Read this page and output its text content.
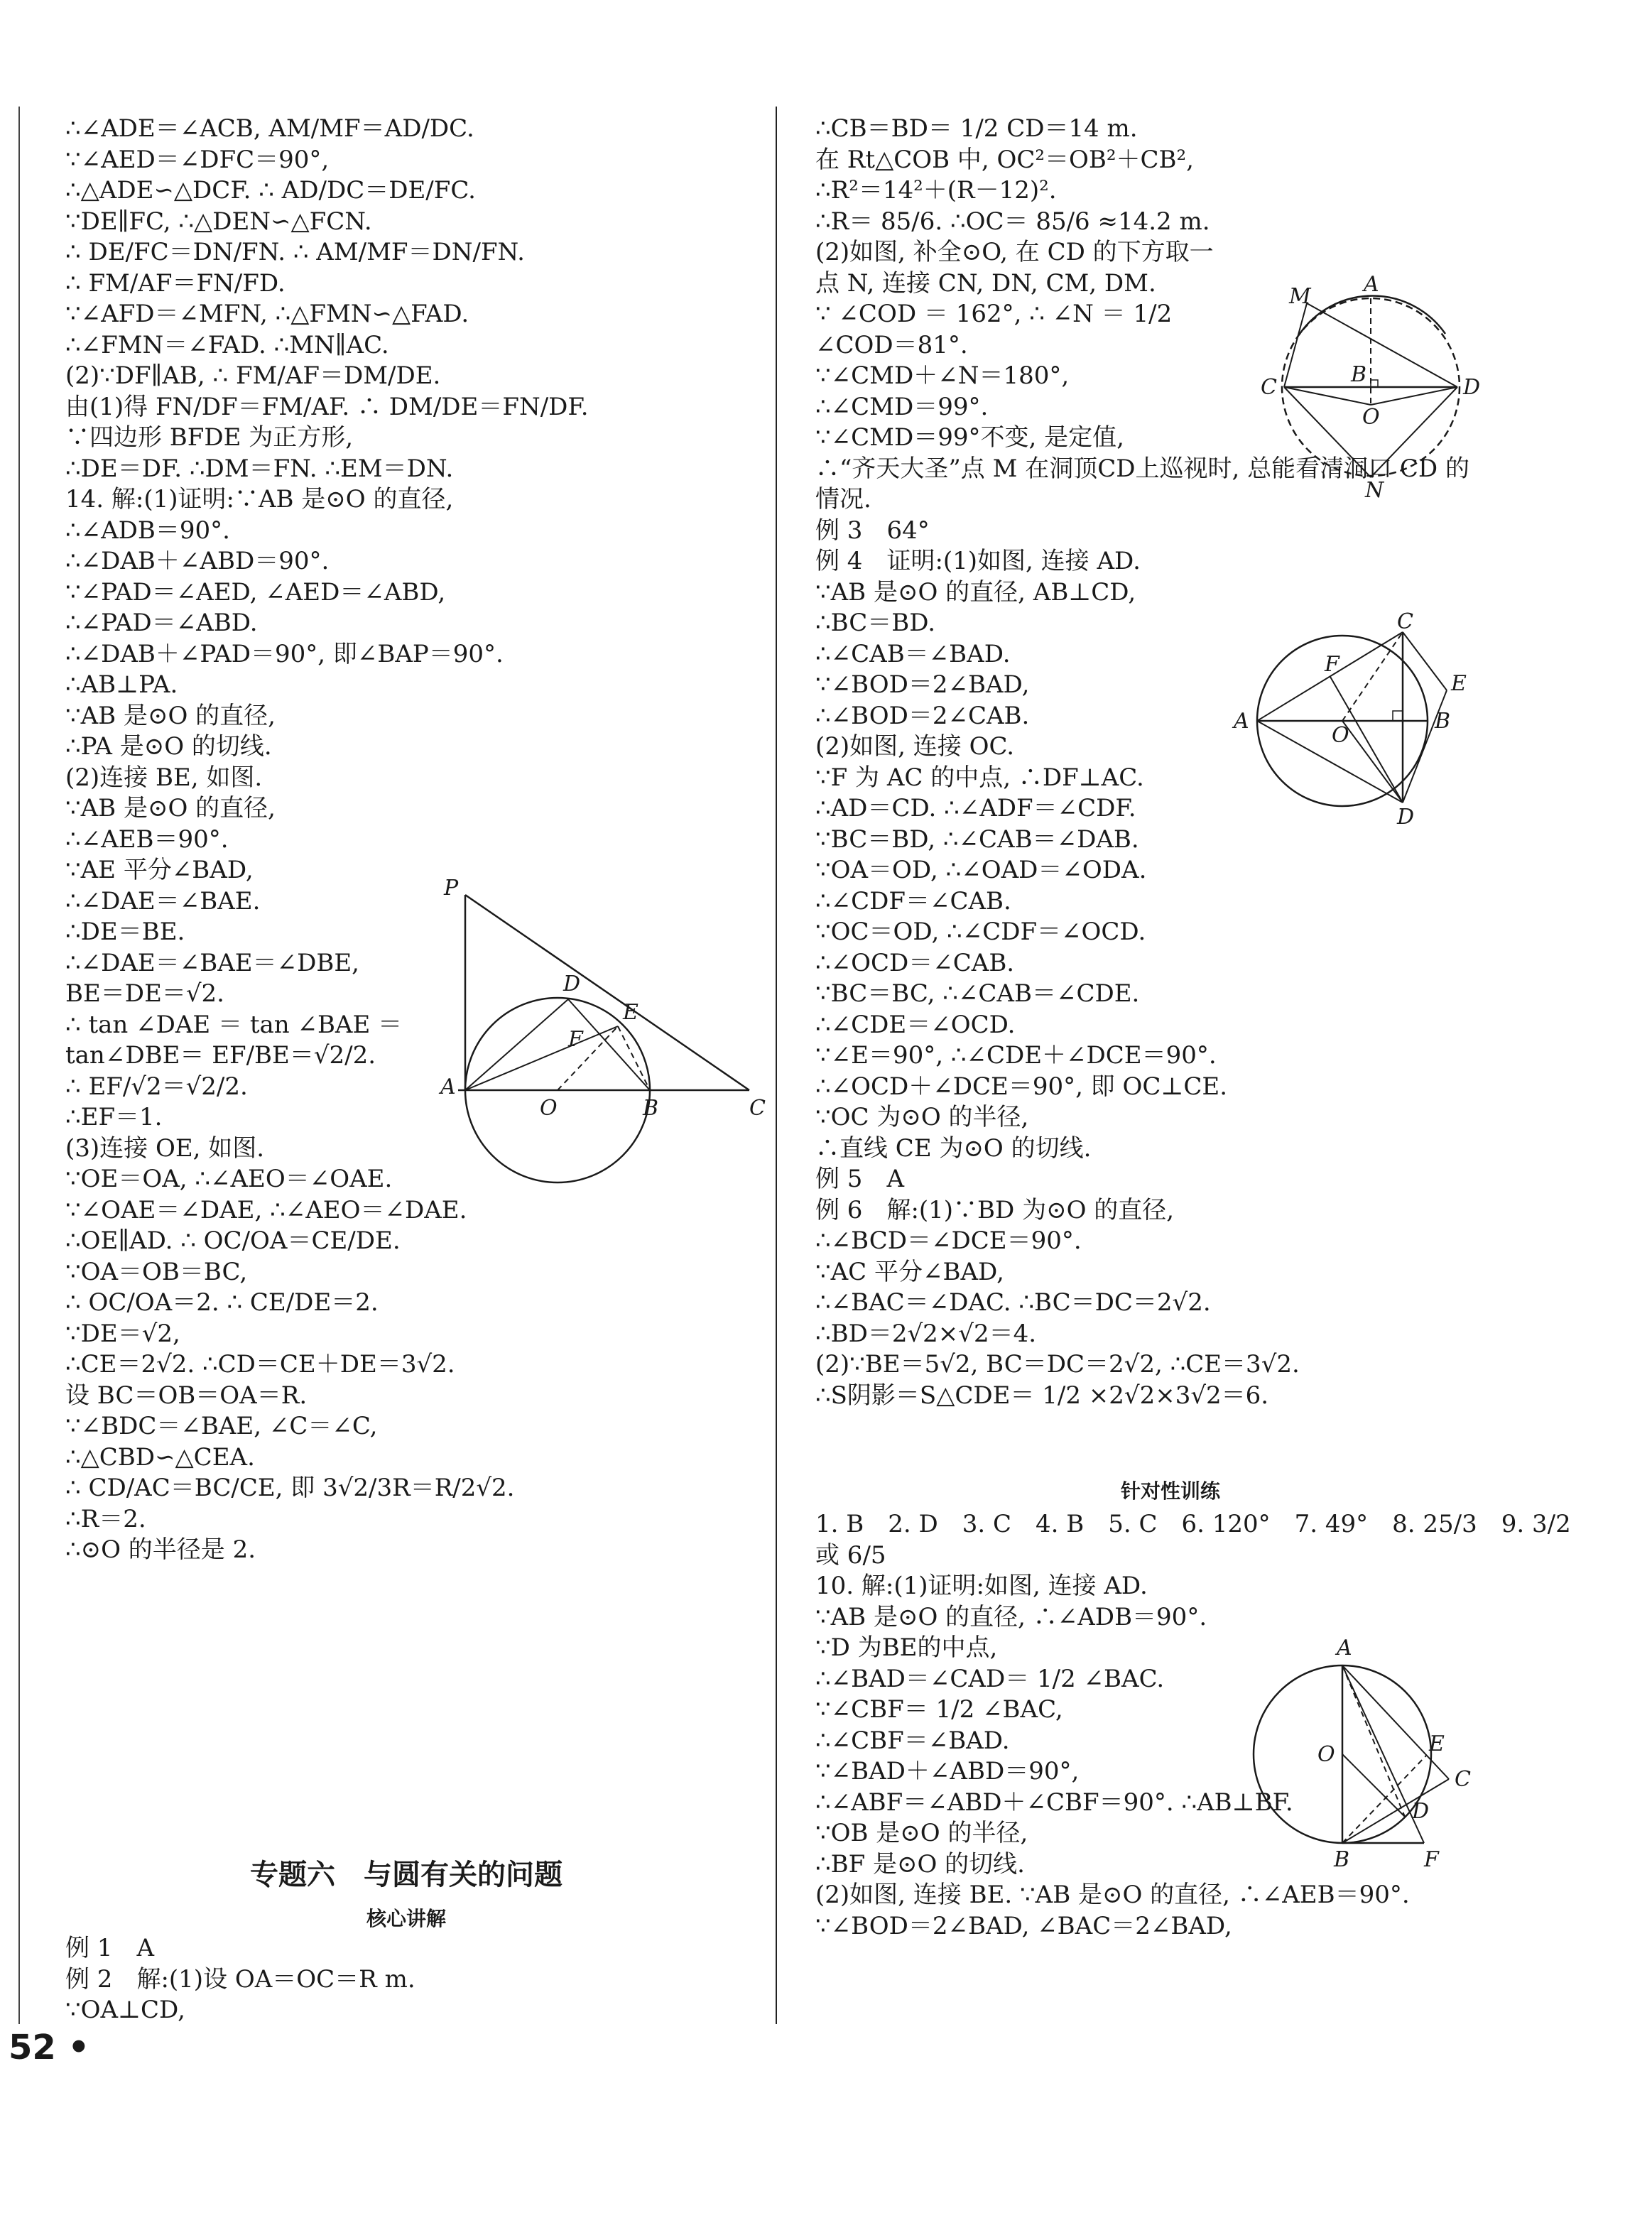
∴∠ADE＝∠ACB, AM/MF＝AD/DC.
∵∠AED＝∠DFC＝90°,
∴△ADE∽△DCF. ∴ AD/DC＝DE/FC.
∵DE∥FC, ∴△DEN∽△FCN.
∴ DE/FC＝DN/FN. ∴ AM/MF＝DN/FN.
∴ FM/AF＝FN/FD.
∵∠AFD＝∠MFN, ∴△FMN∽△FAD.
∴∠FMN＝∠FAD. ∴MN∥AC.
(2)∵DF∥AB, ∴ FM/AF＝DM/DE.
由(1)得 FN/DF＝FM/AF. ∴ DM/DE＝FN/DF.
∵四边形 BFDE 为正方形,
∴DE＝DF. ∴DM＝FN. ∴EM＝DN.
14. 解:(1)证明:∵AB 是⊙O 的直径,
∴∠ADB＝90°.
∴∠DAB＋∠ABD＝90°.
∵∠PAD＝∠AED, ∠AED＝∠ABD,
∴∠PAD＝∠ABD.
∴∠DAB＋∠PAD＝90°, 即∠BAP＝90°.
∴AB⊥PA.
∵AB 是⊙O 的直径,
∴PA 是⊙O 的切线.
(2)连接 BE, 如图.
∵AB 是⊙O 的直径,
∴∠AEB＝90°.
∵AE 平分∠BAD,
∴∠DAE＝∠BAE.
∴DE＝BE.
∴∠DAE＝∠BAE＝∠DBE,
BE＝DE＝√2.
∴ tan ∠DAE ＝ tan ∠BAE ＝
tan∠DBE＝ EF/BE＝√2/2.
∴ EF/√2＝√2/2.
∴EF＝1.
(3)连接 OE, 如图.
∵OE＝OA, ∴∠AEO＝∠OAE.
∵∠OAE＝∠DAE, ∴∠AEO＝∠DAE.
∴OE∥AD. ∴ OC/OA＝CE/DE.
∵OA＝OB＝BC,
∴ OC/OA＝2. ∴ CE/DE＝2.
∵DE＝√2,
∴CE＝2√2. ∴CD＝CE＋DE＝3√2.
设 BC＝OB＝OA＝R.
∵∠BDC＝∠BAE, ∠C＝∠C,
∴△CBD∽△CEA.
∴ CD/AC＝BC/CE, 即 3√2/3R＝R/2√2.
∴R＝2.
∴⊙O 的半径是 2.
专题六　与圆有关的问题
核心讲解
例 1　A
例 2　解:(1)设 OA＝OC＝R m.
∵OA⊥CD,
∴CB＝BD＝ 1/2 CD＝14 m.
在 Rt△COB 中, OC²＝OB²＋CB²,
∴R²＝14²＋(R－12)².
∴R＝ 85/6. ∴OC＝ 85/6 ≈14.2 m.
(2)如图, 补全⊙O, 在 CD 的下方取一
点 N, 连接 CN, DN, CM, DM.
∵ ∠COD ＝ 162°, ∴ ∠N ＝ 1/2
∠COD＝81°.
∵∠CMD＋∠N＝180°,
∴∠CMD＝99°.
∵∠CMD＝99°不变, 是定值,
∴“齐天大圣”点 M 在洞顶CD上巡视时, 总能看清洞口 CD 的
情况.
例 3　64°
例 4　证明:(1)如图, 连接 AD.
∵AB 是⊙O 的直径, AB⊥CD,
∴BC＝BD.
∴∠CAB＝∠BAD.
∵∠BOD＝2∠BAD,
∴∠BOD＝2∠CAB.
(2)如图, 连接 OC.
∵F 为 AC 的中点, ∴DF⊥AC.
∴AD＝CD. ∴∠ADF＝∠CDF.
∵BC＝BD, ∴∠CAB＝∠DAB.
∵OA＝OD, ∴∠OAD＝∠ODA.
∴∠CDF＝∠CAB.
∵OC＝OD, ∴∠CDF＝∠OCD.
∴∠OCD＝∠CAB.
∵BC＝BC, ∴∠CAB＝∠CDE.
∴∠CDE＝∠OCD.
∵∠E＝90°, ∴∠CDE＋∠DCE＝90°.
∴∠OCD＋∠DCE＝90°, 即 OC⊥CE.
∵OC 为⊙O 的半径,
∴直线 CE 为⊙O 的切线.
例 5　A
例 6　解:(1)∵BD 为⊙O 的直径,
∴∠BCD＝∠DCE＝90°.
∵AC 平分∠BAD,
∴∠BAC＝∠DAC. ∴BC＝DC＝2√2.
∴BD＝2√2×√2＝4.
(2)∵BE＝5√2, BC＝DC＝2√2, ∴CE＝3√2.
∴S阴影＝S△CDE＝ 1/2 ×2√2×3√2＝6.
针对性训练
1. B　2. D　3. C　4. B　5. C　6. 120°　7. 49°　8. 25/3　9. 3/2
或 6/5
10. 解:(1)证明:如图, 连接 AD.
∵AB 是⊙O 的直径, ∴∠ADB＝90°.
∵D 为BE的中点,
∴∠BAD＝∠CAD＝ 1/2 ∠BAC.
∵∠CBF＝ 1/2 ∠BAC,
∴∠CBF＝∠BAD.
∵∠BAD＋∠ABD＝90°,
∴∠ABF＝∠ABD＋∠CBF＝90°. ∴AB⊥BF.
∵OB 是⊙O 的半径,
∴BF 是⊙O 的切线.
(2)如图, 连接 BE. ∵AB 是⊙O 的直径, ∴∠AEB＝90°.
∵∠BOD＝2∠BAD, ∠BAC＝2∠BAD,
P
D
E
F
A
O	B	C
M A
C
B
O
D
N
C
F
E
A
O
B
D
A
O	E
C
D
B	F
52 •
